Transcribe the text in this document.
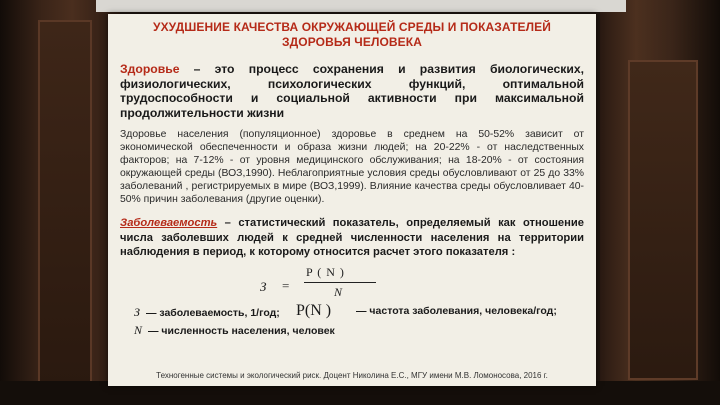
УХУДШЕНИЕ КАЧЕСТВА ОКРУЖАЮЩЕЙ СРЕДЫ И ПОКАЗАТЕЛЕЙ ЗДОРОВЬЯ ЧЕЛОВЕКА

Здоровье – это процесс сохранения и развития биологических, физиологических, психологических функций, оптимальной трудоспособности и социальной активности при максимальной продолжительности жизни

Здоровье населения (популяционное) здоровье в среднем на 50-52% зависит от экономической обеспеченности и образа жизни людей; на 20-22% - от наследственных факторов; на 7-12% - от уровня медицинского обслуживания; на 18-20% - от состояния окружающей среды (ВОЗ,1990). Неблагоприятные условия среды обусловливают от 25 до 33% заболеваний , регистрируемых в мире (ВОЗ,1999). Влияние качества среды обусловливает 40-50% причин заболевания (другие оценки).

Заболеваемость – статистический показатель, определяемый как отношение числа заболевших людей к средней численности населения на территории наблюдения в период, к которому относится расчет этого показателя :

З =
P ( N )
N
З — заболеваемость, 1/год; P(N ) — частота заболевания, человека/год;
N — численность населения, человек
Техногенные системы и экологический риск. Доцент Николина Е.С., МГУ имени М.В. Ломоносова, 2016 г.
